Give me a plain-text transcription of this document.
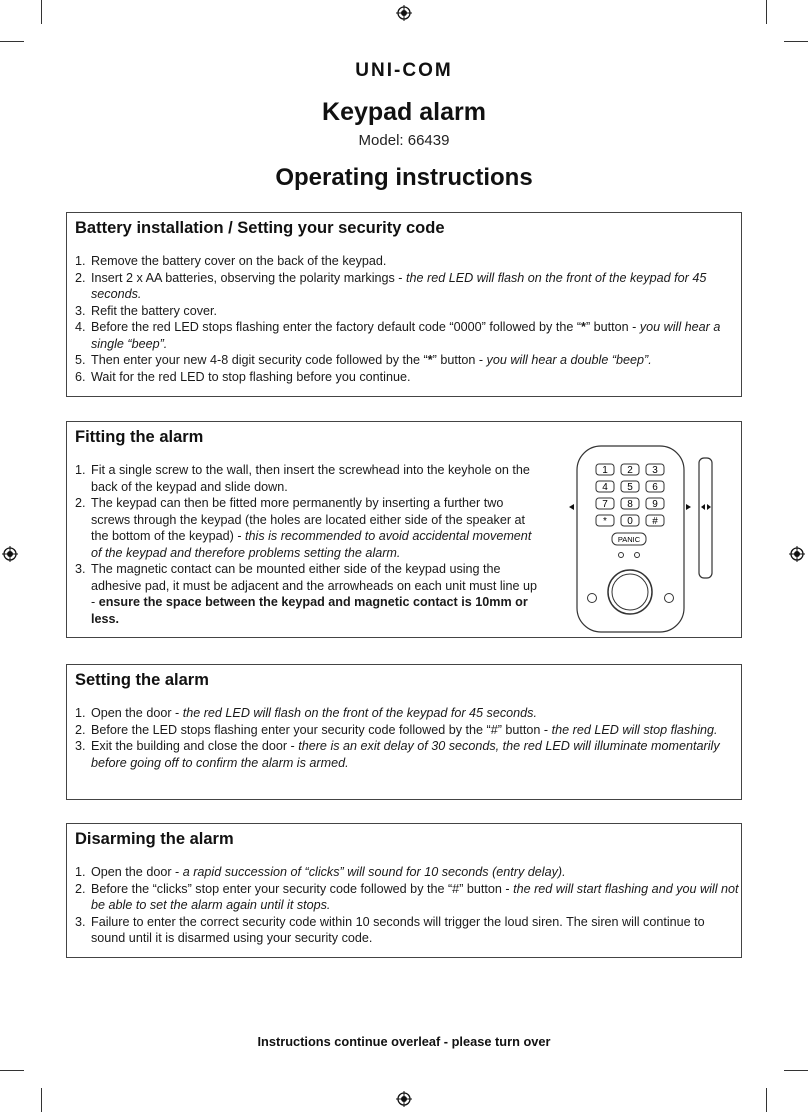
UNI-COM
Keypad alarm
Model: 66439
Operating instructions
Battery installation / Setting your security code
1. Remove the battery cover on the back of the keypad.
2. Insert 2 x AA batteries, observing the polarity markings - the red LED will flash on the front of the keypad for 45 seconds.
3. Refit the battery cover.
4. Before the red LED stops flashing enter the factory default code “0000” followed by the “*” button - you will hear a single “beep”.
5. Then enter your new 4-8 digit security code followed by the “*” button - you will hear a double “beep”.
6. Wait for the red LED to stop flashing before you continue.
Fitting the alarm
1. Fit a single screw to the wall, then insert the screwhead into the keyhole on the back of the keypad and slide down.
2. The keypad can then be fitted more permanently by inserting a further two screws through the keypad (the holes are located either side of the speaker at the bottom of the keypad) - this is recommended to avoid accidental movement of the keypad and therefore problems setting the alarm.
3. The magnetic contact can be mounted either side of the keypad using the adhesive pad, it must be adjacent and the arrowheads on each unit must line up - ensure the space between the keypad and magnetic contact is 10mm or less.
1 2 3
4 5 6
7 8 9
* 0 #
PANIC
Setting the alarm
1. Open the door - the red LED will flash on the front of the keypad for 45 seconds.
2. Before the LED stops flashing enter your security code followed by the “#” button - the red LED will stop flashing.
3. Exit the building and close the door - there is an exit delay of 30 seconds, the red LED will illuminate momentarily before going off to confirm the alarm is armed.
Disarming the alarm
1. Open the door - a rapid succession of “clicks” will sound for 10 seconds (entry delay).
2. Before the “clicks” stop enter your security code followed by the “#” button - the red will start flashing and you will not be able to set the alarm again until it stops.
3. Failure to enter the correct security code within 10 seconds will trigger the loud siren. The siren will continue to sound until it is disarmed using your security code.
Instructions continue overleaf - please turn over
